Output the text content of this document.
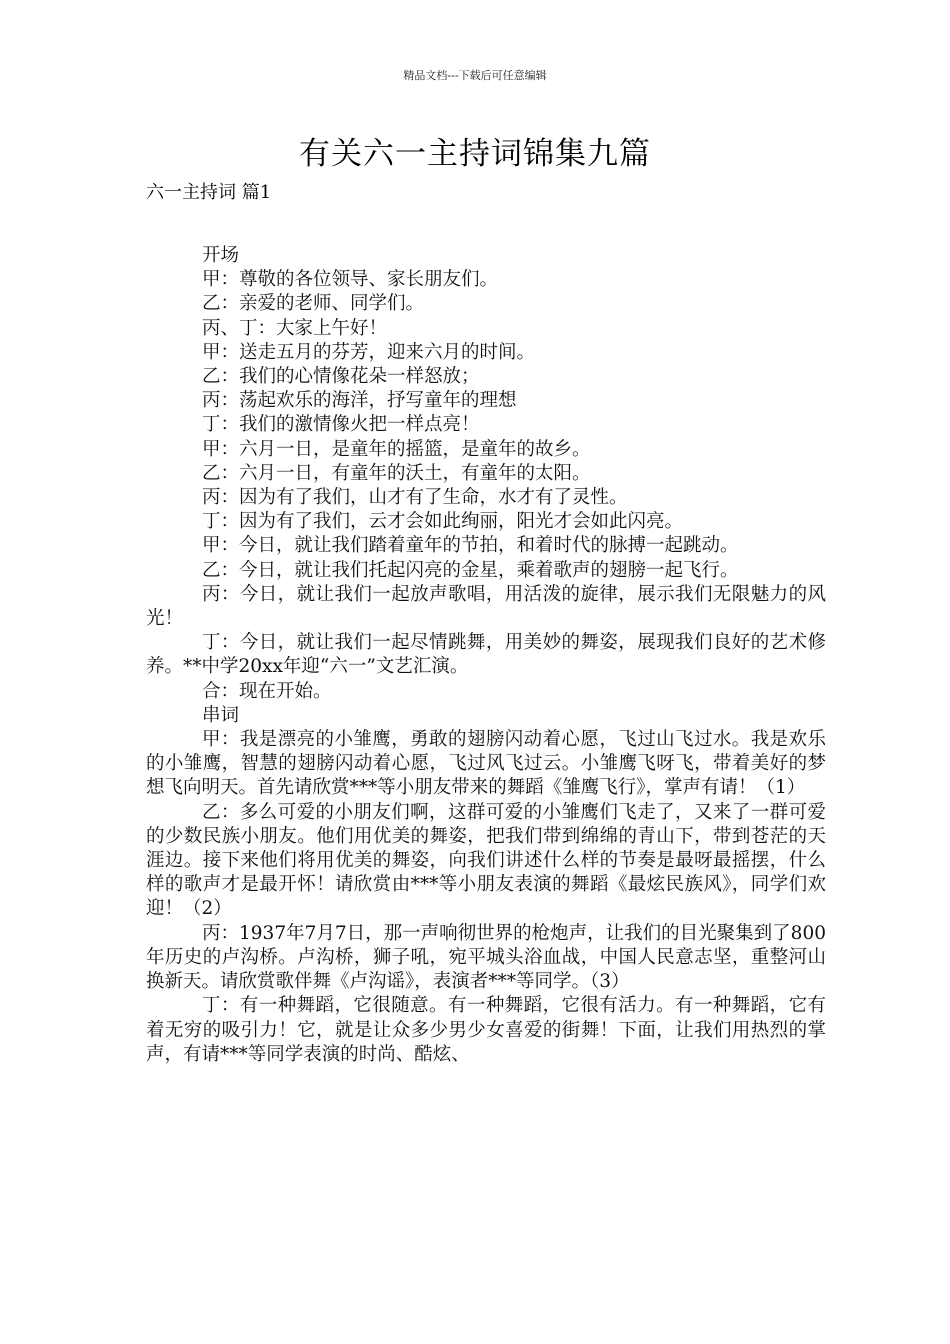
精品文档---下载后可任意编辑
有关六一主持词锦集九篇
六一主持词 篇1

开场

甲：尊敬的各位领导、家长朋友们。

乙：亲爱的老师、同学们。

丙、丁：大家上午好！

甲：送走五月的芬芳，迎来六月的时间。

乙：我们的心情像花朵一样怒放；

丙：荡起欢乐的海洋，抒写童年的理想

丁：我们的激情像火把一样点亮！

甲：六月一日，是童年的摇篮，是童年的故乡。

乙：六月一日，有童年的沃土，有童年的太阳。

丙：因为有了我们，山才有了生命，水才有了灵性。

丁：因为有了我们，云才会如此绚丽，阳光才会如此闪亮。

甲：今日，就让我们踏着童年的节拍，和着时代的脉搏一起跳动。

乙：今日，就让我们托起闪亮的金星，乘着歌声的翅膀一起飞行。

丙：今日，就让我们一起放声歌唱，用活泼的旋律，展示我们无限魅力的风光！

丁：今日，就让我们一起尽情跳舞，用美妙的舞姿，展现我们良好的艺术修养。**中学20xx年迎“六一”文艺汇演。

合：现在开始。

串词

甲：我是漂亮的小雏鹰，勇敢的翅膀闪动着心愿，飞过山飞过水。我是欢乐的小雏鹰，智慧的翅膀闪动着心愿，飞过风飞过云。小雏鹰飞呀飞，带着美好的梦想飞向明天。首先请欣赏***等小朋友带来的舞蹈《雏鹰飞行》，掌声有请！（1）

乙：多么可爱的小朋友们啊，这群可爱的小雏鹰们飞走了，又来了一群可爱的少数民族小朋友。他们用优美的舞姿，把我们带到绵绵的青山下，带到苍茫的天涯边。接下来他们将用优美的舞姿，向我们讲述什么样的节奏是最呀最摇摆，什么样的歌声才是最开怀！请欣赏由***等小朋友表演的舞蹈《最炫民族风》，同学们欢迎！（2）

丙：1937年7月7日，那一声响彻世界的枪炮声，让我们的目光聚集到了800年历史的卢沟桥。卢沟桥，狮子吼，宛平城头浴血战，中国人民意志坚，重整河山换新天。请欣赏歌伴舞《卢沟谣》，表演者***等同学。（3）

丁：有一种舞蹈，它很随意。有一种舞蹈，它很有活力。有一种舞蹈，它有着无穷的吸引力！它，就是让众多少男少女喜爱的街舞！下面，让我们用热烈的掌声，有请***等同学表演的时尚、酷炫、
